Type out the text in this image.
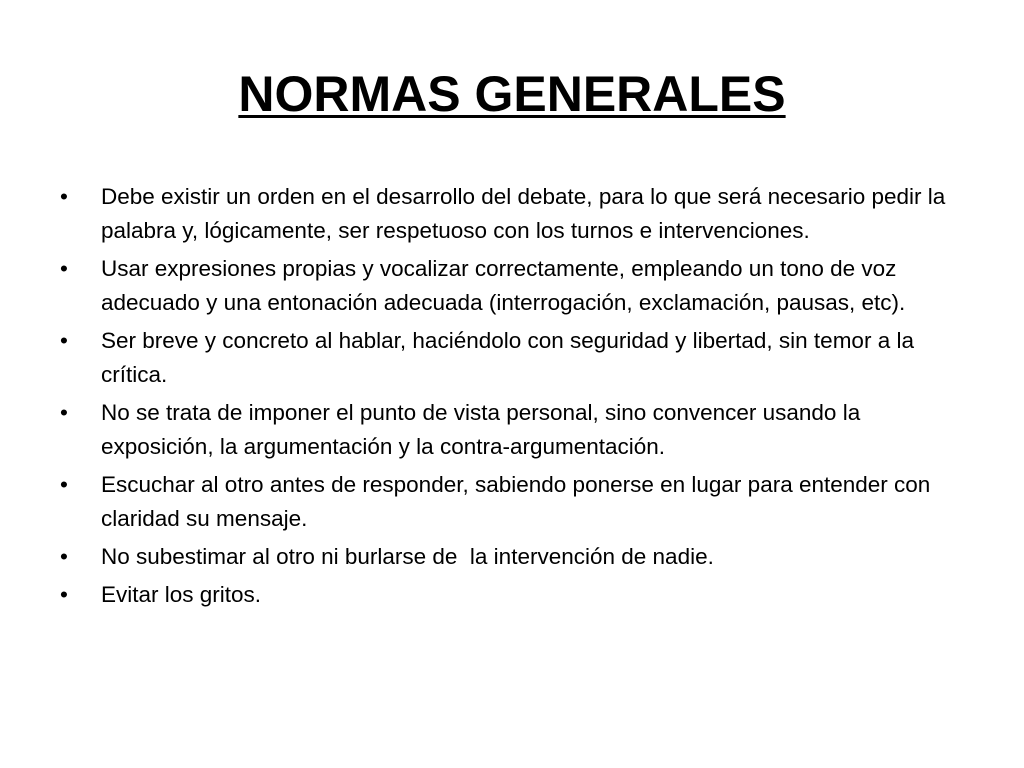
NORMAS GENERALES
• Debe existir un orden en el desarrollo del debate, para lo que será necesario pedir la palabra y, lógicamente, ser respetuoso con los turnos e intervenciones.
• Usar expresiones propias y vocalizar correctamente, empleando un tono de voz adecuado y una entonación adecuada (interrogación, exclamación, pausas, etc).
• Ser breve y concreto al hablar, haciéndolo con seguridad y libertad, sin temor a la crítica.
• No se trata de imponer el punto de vista personal, sino convencer usando la exposición, la argumentación y la contra-argumentación.
• Escuchar al otro antes de responder, sabiendo ponerse en lugar para entender con claridad su mensaje.
• No subestimar al otro ni burlarse de  la intervención de nadie.
• Evitar los gritos.
